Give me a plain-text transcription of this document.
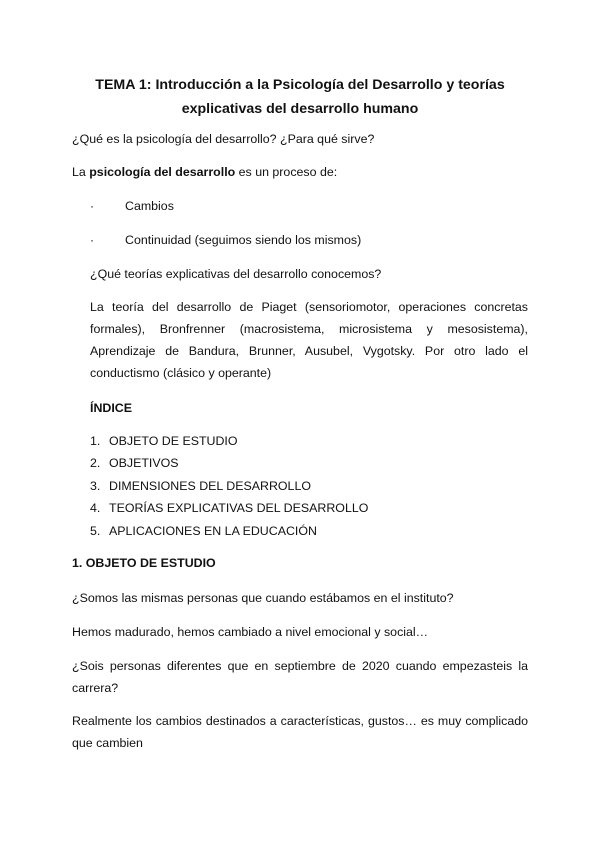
TEMA 1: Introducción a la Psicología del Desarrollo y teorías
explicativas del desarrollo humano

¿Qué es la psicología del desarrollo? ¿Para qué sirve?

La psicología del desarrollo es un proceso de:

· Cambios
· Continuidad (seguimos siendo los mismos)

¿Qué teorías explicativas del desarrollo conocemos?

La teoría del desarrollo de Piaget (sensoriomotor, operaciones concretas formales), Bronfrenner (macrosistema, microsistema y mesosistema), Aprendizaje de Bandura, Brunner, Ausubel, Vygotsky. Por otro lado el conductismo (clásico y operante)

ÍNDICE

1. OBJETO DE ESTUDIO
2. OBJETIVOS
3. DIMENSIONES DEL DESARROLLO
4. TEORÍAS EXPLICATIVAS DEL DESARROLLO
5. APLICACIONES EN LA EDUCACIÓN

1. OBJETO DE ESTUDIO

¿Somos las mismas personas que cuando estábamos en el instituto?

Hemos madurado, hemos cambiado a nivel emocional y social…

¿Sois personas diferentes que en septiembre de 2020 cuando empezasteis la carrera?

Realmente los cambios destinados a características, gustos… es muy complicado que cambien
